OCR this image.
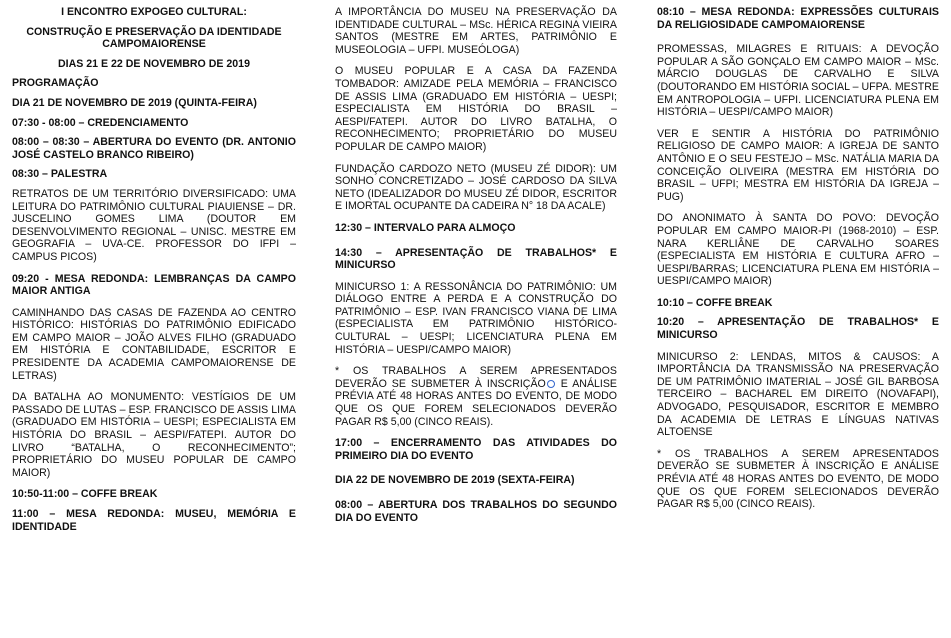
I ENCONTRO EXPOGEO CULTURAL:

CONSTRUÇÃO E PRESERVAÇÃO DA IDENTIDADE CAMPOMAIORENSE

DIAS 21 E 22 DE NOVEMBRO DE 2019

PROGRAMAÇÃO

DIA 21 DE NOVEMBRO DE 2019 (QUINTA-FEIRA)

07:30 - 08:00 – CREDENCIAMENTO

08:00 – 08:30 – ABERTURA DO EVENTO (DR. ANTONIO JOSÉ CASTELO BRANCO RIBEIRO)

08:30 – PALESTRA

RETRATOS DE UM TERRITÓRIO DIVERSIFICADO: UMA LEITURA DO PATRIMÔNIO CULTURAL PIAUIENSE – DR. JUSCELINO GOMES LIMA (DOUTOR EM DESENVOLVIMENTO REGIONAL – UNISC. MESTRE EM GEOGRAFIA – UVA-CE. PROFESSOR DO IFPI – CAMPUS PICOS)

09:20 - MESA REDONDA: LEMBRANÇAS DA CAMPO MAIOR ANTIGA

CAMINHANDO DAS CASAS DE FAZENDA AO CENTRO HISTÓRICO: HISTÓRIAS DO PATRIMÔNIO EDIFICADO EM CAMPO MAIOR – JOÃO ALVES FILHO (GRADUADO EM HISTÓRIA E CONTABILIDADE, ESCRITOR E PRESIDENTE DA ACADEMIA CAMPOMAIORENSE DE LETRAS)

DA BATALHA AO MONUMENTO: VESTÍGIOS DE UM PASSADO DE LUTAS – ESP. FRANCISCO DE ASSIS LIMA (GRADUADO EM HISTÓRIA – UESPI; ESPECIALISTA EM HISTÓRIA DO BRASIL – AESPI/FATEPI. AUTOR DO LIVRO “BATALHA, O RECONHECIMENTO”; PROPRIETÁRIO DO MUSEU POPULAR DE CAMPO MAIOR)

10:50-11:00 – COFFE BREAK

11:00 – MESA REDONDA: MUSEU, MEMÓRIA E IDENTIDADE

A IMPORTÂNCIA DO MUSEU NA PRESERVAÇÃO DA IDENTIDADE CULTURAL – MSc. HÉRICA REGINA VIEIRA SANTOS (MESTRE EM ARTES, PATRIMÔNIO E MUSEOLOGIA – UFPI. MUSEÓLOGA)

O MUSEU POPULAR E A CASA DA FAZENDA TOMBADOR: AMIZADE PELA MEMÓRIA – FRANCISCO DE ASSIS LIMA (GRADUADO EM HISTÓRIA – UESPI; ESPECIALISTA EM HISTÓRIA DO BRASIL – AESPI/FATEPI. AUTOR DO LIVRO BATALHA, O RECONHECIMENTO; PROPRIETÁRIO DO MUSEU POPULAR DE CAMPO MAIOR)

FUNDAÇÃO CARDOZO NETO (MUSEU ZÉ DIDOR): UM SONHO CONCRETIZADO – JOSÉ CARDOSO DA SILVA NETO (IDEALIZADOR DO MUSEU ZÉ DIDOR, ESCRITOR E IMORTAL OCUPANTE DA CADEIRA N° 18 DA ACALE)

12:30 – INTERVALO PARA ALMOÇO

14:30 – APRESENTAÇÃO DE TRABALHOS* E MINICURSO

MINICURSO 1: A RESSONÂNCIA DO PATRIMÔNIO: UM DIÁLOGO ENTRE A PERDA E A CONSTRUÇÃO DO PATRIMÔNIO – ESP. IVAN FRANCISCO VIANA DE LIMA (ESPECIALISTA EM PATRIMÔNIO HISTÓRICO-CULTURAL – UESPI; LICENCIATURA PLENA EM HISTÓRIA – UESPI/CAMPO MAIOR)

* OS TRABALHOS A SEREM APRESENTADOS DEVERÃO SE SUBMETER À INSCRIÇÃO E ANÁLISE PRÉVIA ATÉ 48 HORAS ANTES DO EVENTO, DE MODO QUE OS QUE FOREM SELECIONADOS DEVERÃO PAGAR R$ 5,00 (CINCO REAIS).

17:00 – ENCERRAMENTO DAS ATIVIDADES DO PRIMEIRO DIA DO EVENTO

DIA 22 DE NOVEMBRO DE 2019 (SEXTA-FEIRA)

08:00 – ABERTURA DOS TRABALHOS DO SEGUNDO DIA DO EVENTO

08:10 – MESA REDONDA: EXPRESSÕES CULTURAIS DA RELIGIOSIDADE CAMPOMAIORENSE

PROMESSAS, MILAGRES E RITUAIS: A DEVOÇÃO POPULAR A SÃO GONÇALO EM CAMPO MAIOR – MSc. MÁRCIO DOUGLAS DE CARVALHO E SILVA (DOUTORANDO EM HISTÓRIA SOCIAL – UFPA. MESTRE EM ANTROPOLOGIA – UFPI. LICENCIATURA PLENA EM HISTÓRIA – UESPI/CAMPO MAIOR)

VER E SENTIR A HISTÓRIA DO PATRIMÔNIO RELIGIOSO DE CAMPO MAIOR: A IGREJA DE SANTO ANTÔNIO E O SEU FESTEJO – MSc. NATÁLIA MARIA DA CONCEIÇÃO OLIVEIRA (MESTRA EM HISTÓRIA DO BRASIL – UFPI; MESTRA EM HISTÓRIA DA IGREJA – PUG)

DO ANONIMATO À SANTA DO POVO: DEVOÇÃO POPULAR EM CAMPO MAIOR-PI (1968-2010) – ESP. NARA KERLIÂNE DE CARVALHO SOARES (ESPECIALISTA EM HISTÓRIA E CULTURA AFRO – UESPI/BARRAS; LICENCIATURA PLENA EM HISTÓRIA – UESPI/CAMPO MAIOR)

10:10 – COFFE BREAK

10:20 – APRESENTAÇÃO DE TRABALHOS* E MINICURSO

MINICURSO 2: LENDAS, MITOS & CAUSOS: A IMPORTÂNCIA DA TRANSMISSÃO NA PRESERVAÇÃO DE UM PATRIMÔNIO IMATERIAL – JOSÉ GIL BARBOSA TERCEIRO – BACHAREL EM DIREITO (NOVAFAPI), ADVOGADO, PESQUISADOR, ESCRITOR E MEMBRO DA ACADEMIA DE LETRAS E LÍNGUAS NATIVAS ALTOENSE

* OS TRABALHOS A SEREM APRESENTADOS DEVERÃO SE SUBMETER À INSCRIÇÃO E ANÁLISE PRÉVIA ATÉ 48 HORAS ANTES DO EVENTO, DE MODO QUE OS QUE FOREM SELECIONADOS DEVERÃO PAGAR R$ 5,00 (CINCO REAIS).
